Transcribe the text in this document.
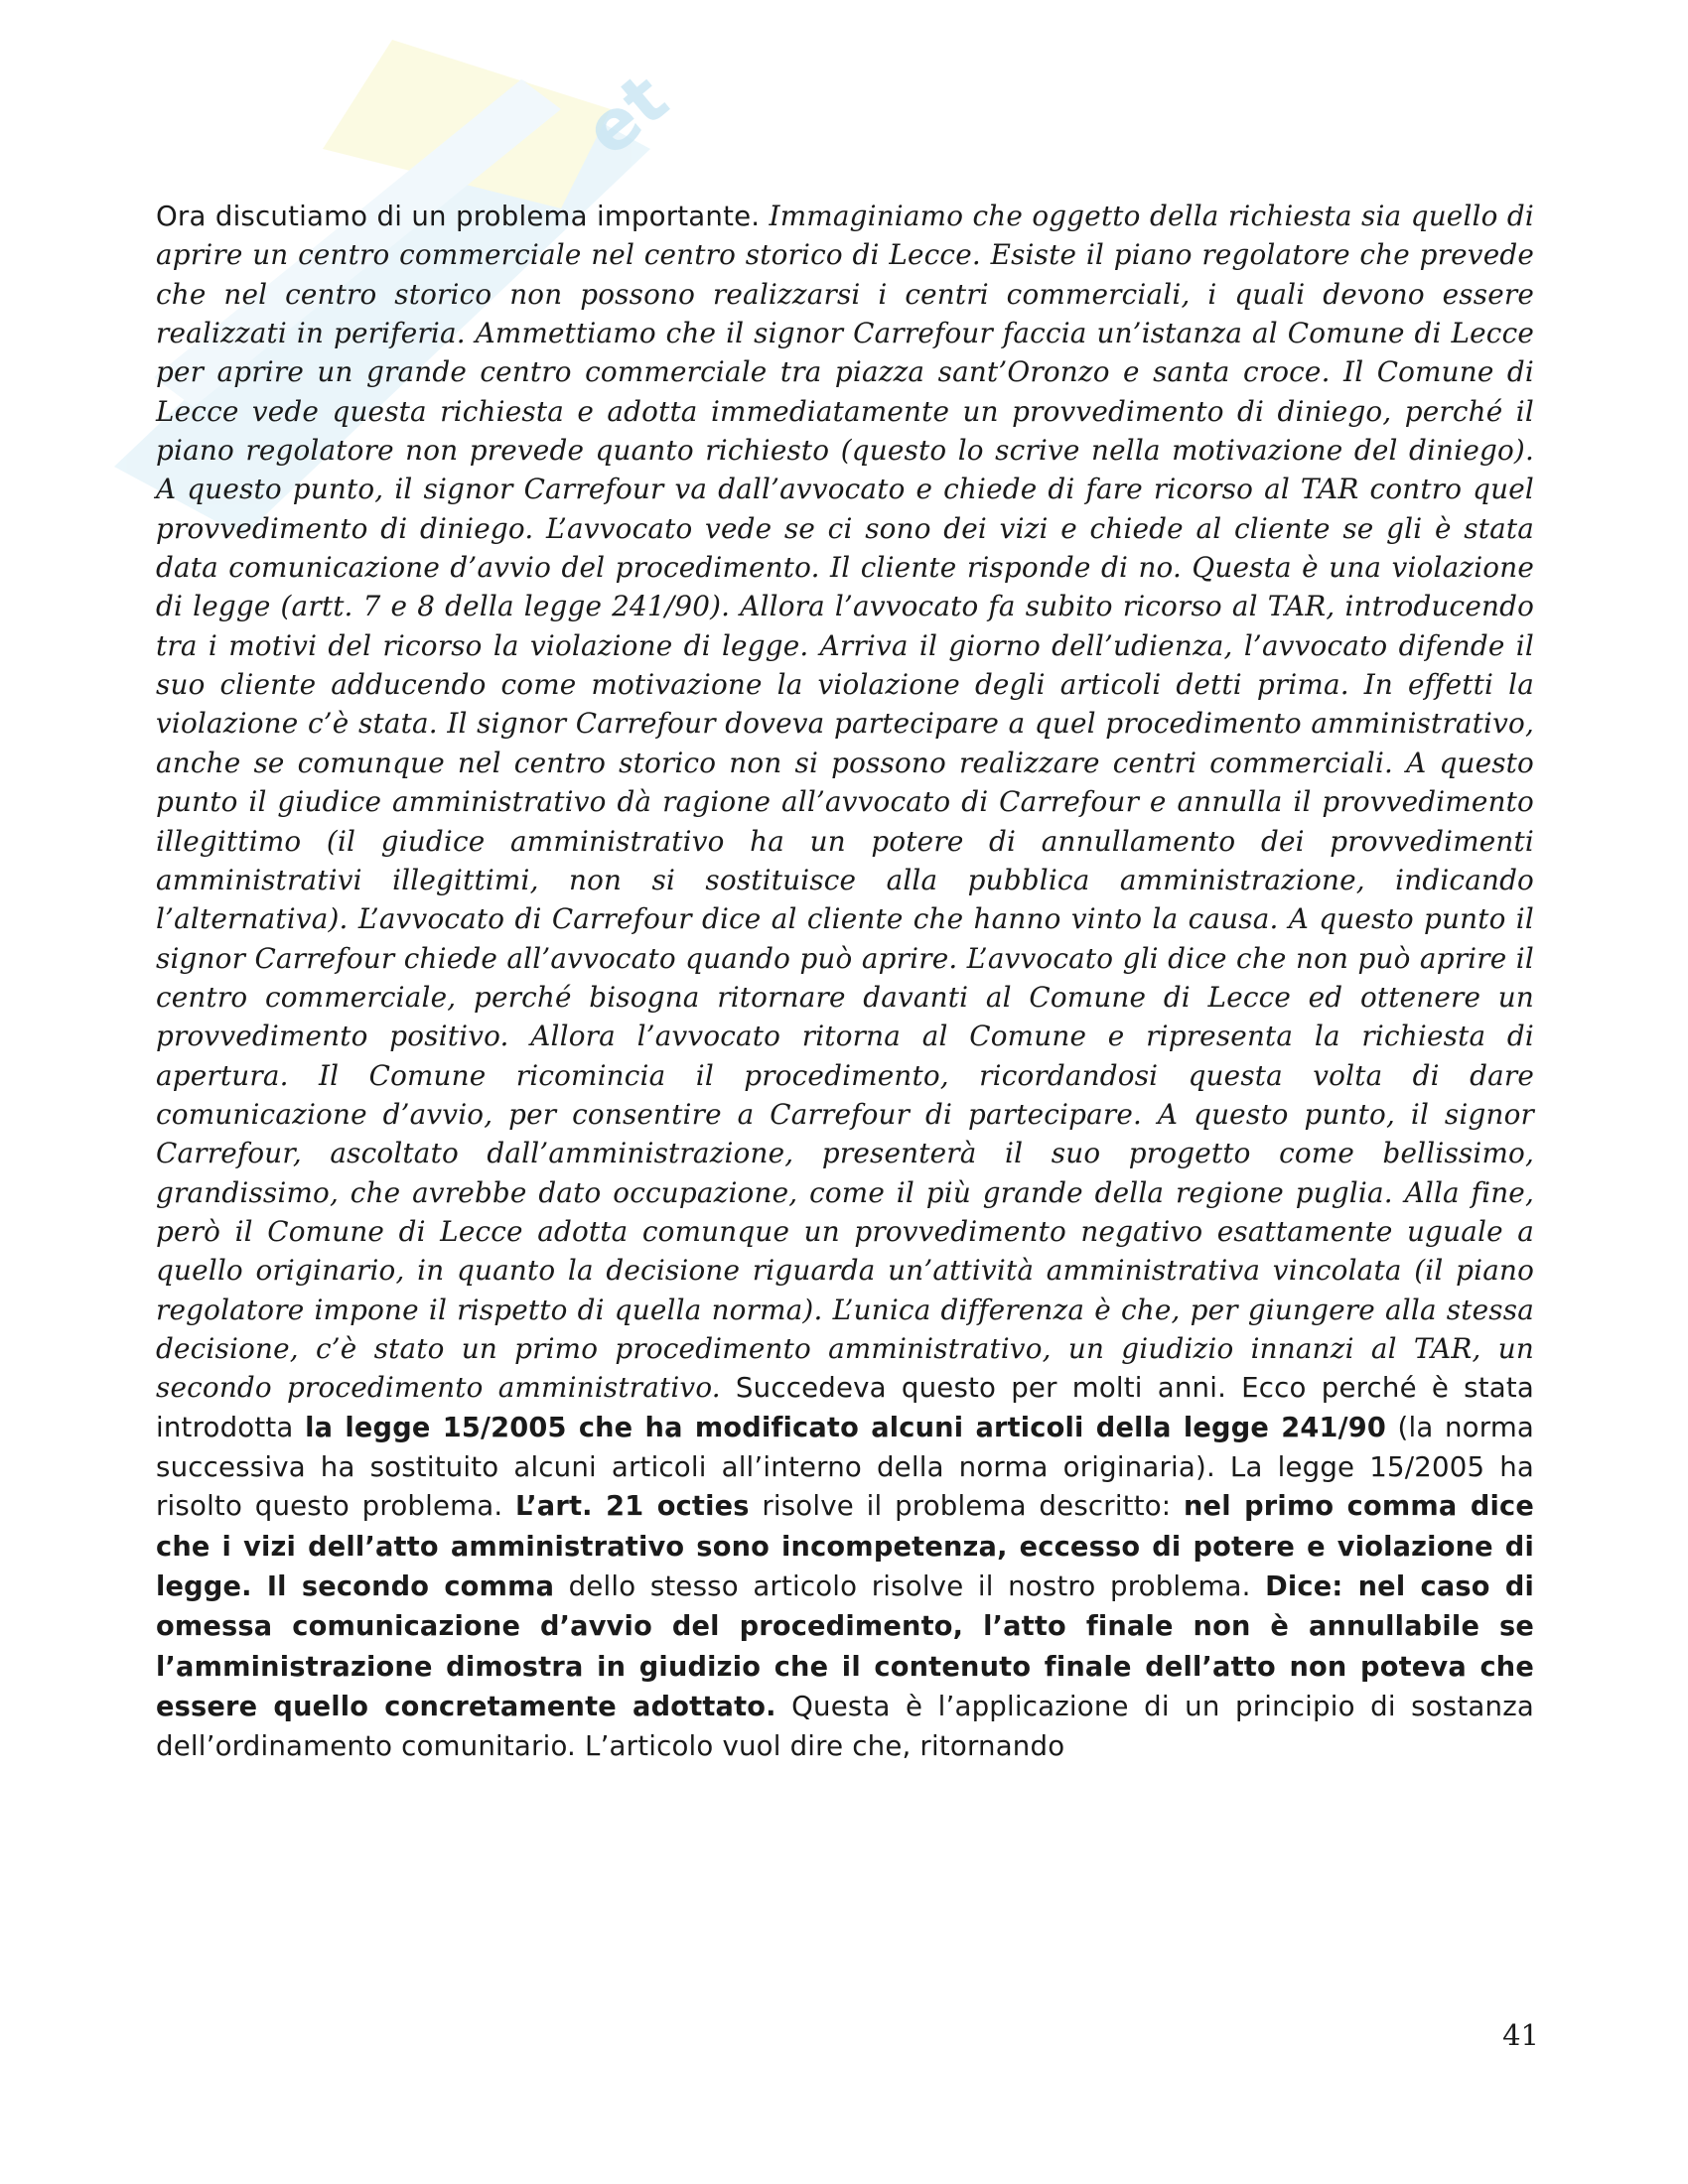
et
Ora discutiamo di un problema importante. Immaginiamo che oggetto della richiesta sia quello di aprire un centro commerciale nel centro storico di Lecce. Esiste il piano regolatore che prevede che nel centro storico non possono realizzarsi i centri commerciali, i quali devono essere realizzati in periferia. Ammettiamo che il signor Carrefour faccia un’istanza al Comune di Lecce per aprire un grande centro commerciale tra piazza sant’Oronzo e santa croce. Il Comune di Lecce vede questa richiesta e adotta immediatamente un provvedimento di diniego, perché il piano regolatore non prevede quanto richiesto (questo lo scrive nella motivazione del diniego). A questo punto, il signor Carrefour va dall’avvocato e chiede di fare ricorso al TAR contro quel provvedimento di diniego. L’avvocato vede se ci sono dei vizi e chiede al cliente se gli è stata data comunicazione d’avvio del procedimento. Il cliente risponde di no. Questa è una violazione di legge (artt. 7 e 8 della legge 241/90). Allora l’avvocato fa subito ricorso al TAR, introducendo tra i motivi del ricorso la violazione di legge. Arriva il giorno dell’udienza, l’avvocato difende il suo cliente adducendo come motivazione la violazione degli articoli detti prima. In effetti la violazione c’è stata. Il signor Carrefour doveva partecipare a quel procedimento amministrativo, anche se comunque nel centro storico non si possono realizzare centri commerciali. A questo punto il giudice amministrativo dà ragione all’avvocato di Carrefour e annulla il provvedimento illegittimo (il giudice amministrativo ha un potere di annullamento dei provvedimenti amministrativi illegittimi, non si sostituisce alla pubblica amministrazione, indicando l’alternativa). L’avvocato di Carrefour dice al cliente che hanno vinto la causa. A questo punto il signor Carrefour chiede all’avvocato quando può aprire. L’avvocato gli dice che non può aprire il centro commerciale, perché bisogna ritornare davanti al Comune di Lecce ed ottenere un provvedimento positivo. Allora l’avvocato ritorna al Comune e ripresenta la richiesta di apertura. Il Comune ricomincia il procedimento, ricordandosi questa volta di dare comunicazione d’avvio, per consentire a Carrefour di partecipare. A questo punto, il signor Carrefour, ascoltato dall’amministrazione, presenterà il suo progetto come bellissimo, grandissimo, che avrebbe dato occupazione, come il più grande della regione puglia. Alla fine, però il Comune di Lecce adotta comunque un provvedimento negativo esattamente uguale a quello originario, in quanto la decisione riguarda un’attività amministrativa vincolata (il piano regolatore impone il rispetto di quella norma). L’unica differenza è che, per giungere alla stessa decisione, c’è stato un primo procedimento amministrativo, un giudizio innanzi al TAR, un secondo procedimento amministrativo. Succedeva questo per molti anni. Ecco perché è stata introdotta la legge 15/2005 che ha modificato alcuni articoli della legge 241/90 (la norma successiva ha sostituito alcuni articoli all’interno della norma originaria). La legge 15/2005 ha risolto questo problema. L’art. 21 octies risolve il problema descritto: nel primo comma dice che i vizi dell’atto amministrativo sono incompetenza, eccesso di potere e violazione di legge. Il secondo comma dello stesso articolo risolve il nostro problema. Dice: nel caso di omessa comunicazione d’avvio del procedimento, l’atto finale non è annullabile se l’amministrazione dimostra in giudizio che il contenuto finale dell’atto non poteva che essere quello concretamente adottato. Questa è l’applicazione di un principio di sostanza dell’ordinamento comunitario. L’articolo vuol dire che, ritornando
41
